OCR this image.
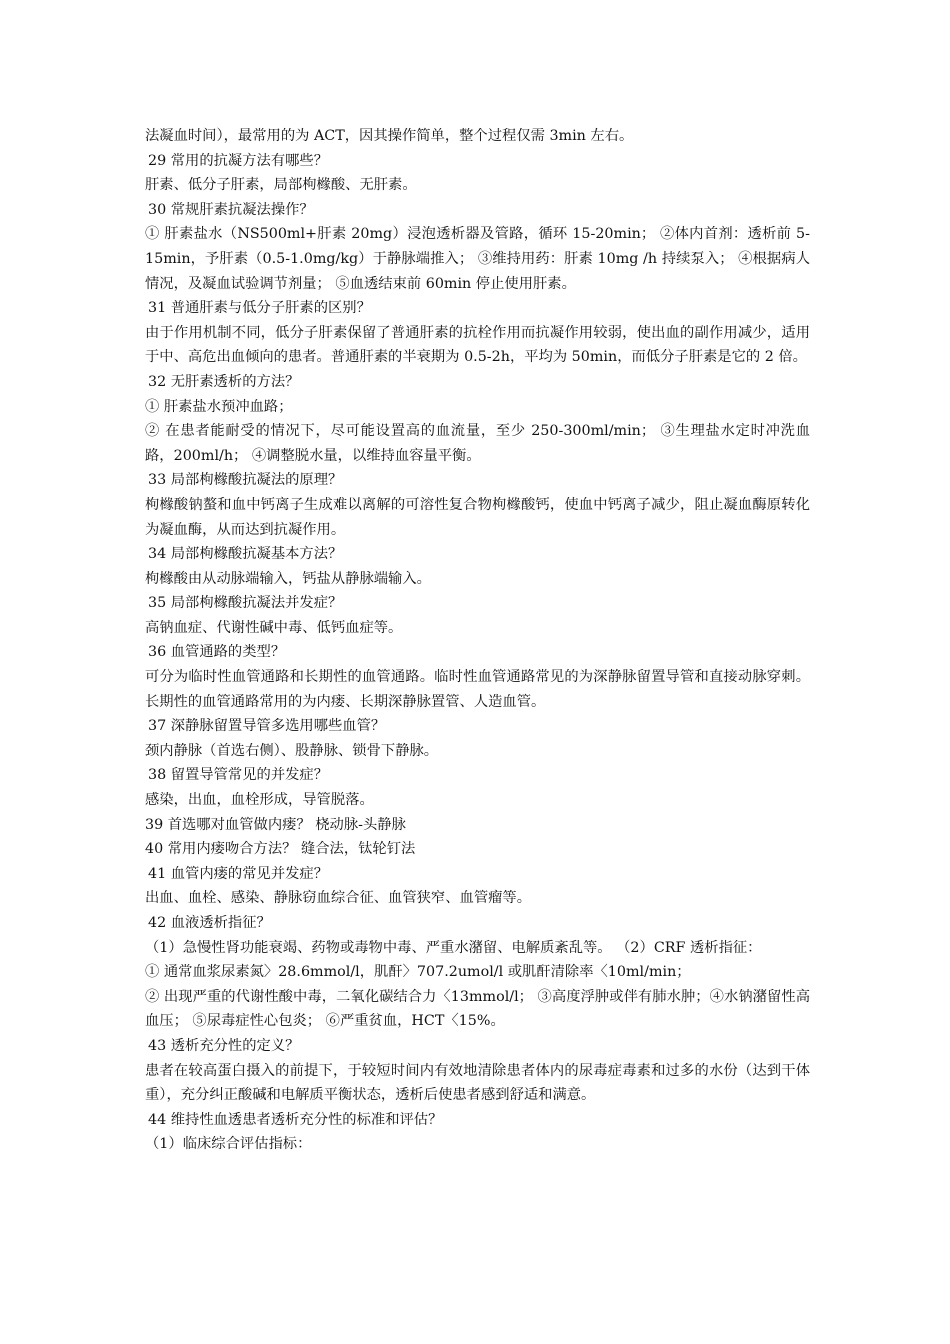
法凝血时间），最常用的为 ACT，因其操作简单，整个过程仅需 3min 左右。

29 常用的抗凝方法有哪些？

肝素、低分子肝素，局部枸橼酸、无肝素。

30 常规肝素抗凝法操作？

① 肝素盐水（NS500ml+肝素 20mg）浸泡透析器及管路，循环 15-20min； ②体内首剂：透析前 5-15min，予肝素（0.5-1.0mg/kg）于静脉端推入； ③维持用药：肝素 10mg /h 持续泵入； ④根据病人情况，及凝血试验调节剂量； ⑤血透结束前 60min 停止使用肝素。

31 普通肝素与低分子肝素的区别？

由于作用机制不同，低分子肝素保留了普通肝素的抗栓作用而抗凝作用较弱，使出血的副作用减少，适用于中、高危出血倾向的患者。普通肝素的半衰期为 0.5-2h，平均为 50min，而低分子肝素是它的 2 倍。

32 无肝素透析的方法？

① 肝素盐水预冲血路；

② 在患者能耐受的情况下，尽可能设置高的血流量，至少 250-300ml/min； ③生理盐水定时冲洗血路，200ml/h； ④调整脱水量，以维持血容量平衡。

33 局部枸橼酸抗凝法的原理？

枸橼酸钠螯和血中钙离子生成难以离解的可溶性复合物枸橼酸钙，使血中钙离子减少，阻止凝血酶原转化为凝血酶，从而达到抗凝作用。

34 局部枸橼酸抗凝基本方法？

枸橼酸由从动脉端输入，钙盐从静脉端输入。

35 局部枸橼酸抗凝法并发症？

高钠血症、代谢性碱中毒、低钙血症等。

36 血管通路的类型？

可分为临时性血管通路和长期性的血管通路。临时性血管通路常见的为深静脉留置导管和直接动脉穿刺。长期性的血管通路常用的为内瘘、长期深静脉置管、人造血管。

37 深静脉留置导管多选用哪些血管？

颈内静脉（首选右侧）、股静脉、锁骨下静脉。

38 留置导管常见的并发症？

感染，出血，血栓形成，导管脱落。

39 首选哪对血管做内瘘？ 桡动脉-头静脉

40 常用内瘘吻合方法？ 缝合法，钛轮钉法

41 血管内瘘的常见并发症？

出血、血栓、感染、静脉窃血综合征、血管狭窄、血管瘤等。

42 血液透析指征？

（1）急慢性肾功能衰竭、药物或毒物中毒、严重水潴留、电解质紊乱等。 （2）CRF 透析指征：

① 通常血浆尿素氮〉28.6mmol/l，肌酐〉707.2umol/l 或肌酐清除率〈10ml/min；

② 出现严重的代谢性酸中毒，二氧化碳结合力〈13mmol/l； ③高度浮肿或伴有肺水肿；④水钠潴留性高血压； ⑤尿毒症性心包炎； ⑥严重贫血，HCT〈15%。

43 透析充分性的定义？

患者在较高蛋白摄入的前提下，于较短时间内有效地清除患者体内的尿毒症毒素和过多的水份（达到干体重），充分纠正酸碱和电解质平衡状态，透析后使患者感到舒适和满意。

44 维持性血透患者透析充分性的标准和评估？

（1）临床综合评估指标：
